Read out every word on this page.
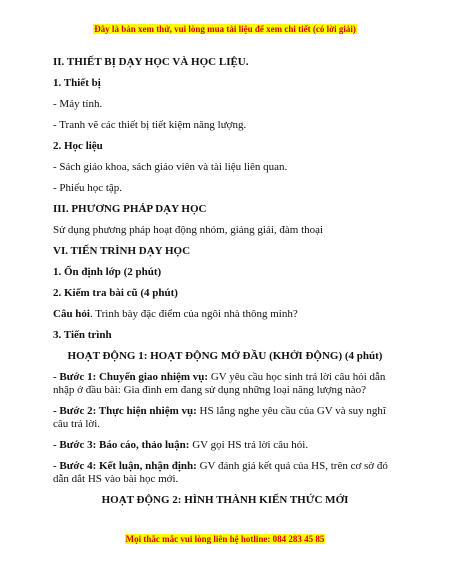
Đây là bản xem thử, vui lòng mua tài liệu để xem chi tiết (có lời giải)
II. THIẾT BỊ DẠY HỌC VÀ HỌC LIỆU.
1. Thiết bị
- Máy tính.
- Tranh vẽ các thiết bị tiết kiệm năng lượng.
2. Học liệu
- Sách giáo khoa, sách giáo viên và tài liệu liên quan.
- Phiếu học tập.
III. PHƯƠNG PHÁP DẠY HỌC
Sử dụng phương pháp hoạt động nhóm, giảng giải, đàm thoại
VI. TIẾN TRÌNH DẠY HỌC
1. Ổn định lớp (2 phút)
2. Kiểm tra bài cũ (4 phút)
Câu hỏi. Trình bày đặc điểm của ngôi nhà thông minh?
3. Tiến trình
HOẠT ĐỘNG 1: HOẠT ĐỘNG MỞ ĐẦU (KHỞI ĐỘNG) (4 phút)
- Bước 1: Chuyển giao nhiệm vụ: GV yêu cầu học sinh trả lời câu hỏi dẫn nhập ở đầu bài: Gia đình em đang sử dụng những loại năng lượng nào?
- Bước 2: Thực hiện nhiệm vụ: HS lắng nghe yêu cầu của GV và suy nghĩ câu trả lời.
- Bước 3: Báo cáo, thảo luận: GV gọi HS trả lời câu hỏi.
- Bước 4: Kết luận, nhận định: GV đánh giá kết quả của HS, trên cơ sở đó dẫn dắt HS vào bài học mới.
HOẠT ĐỘNG 2: HÌNH THÀNH KIẾN THỨC MỚI
Mọi thắc mắc vui lòng liên hệ hotline: 084 283 45 85
